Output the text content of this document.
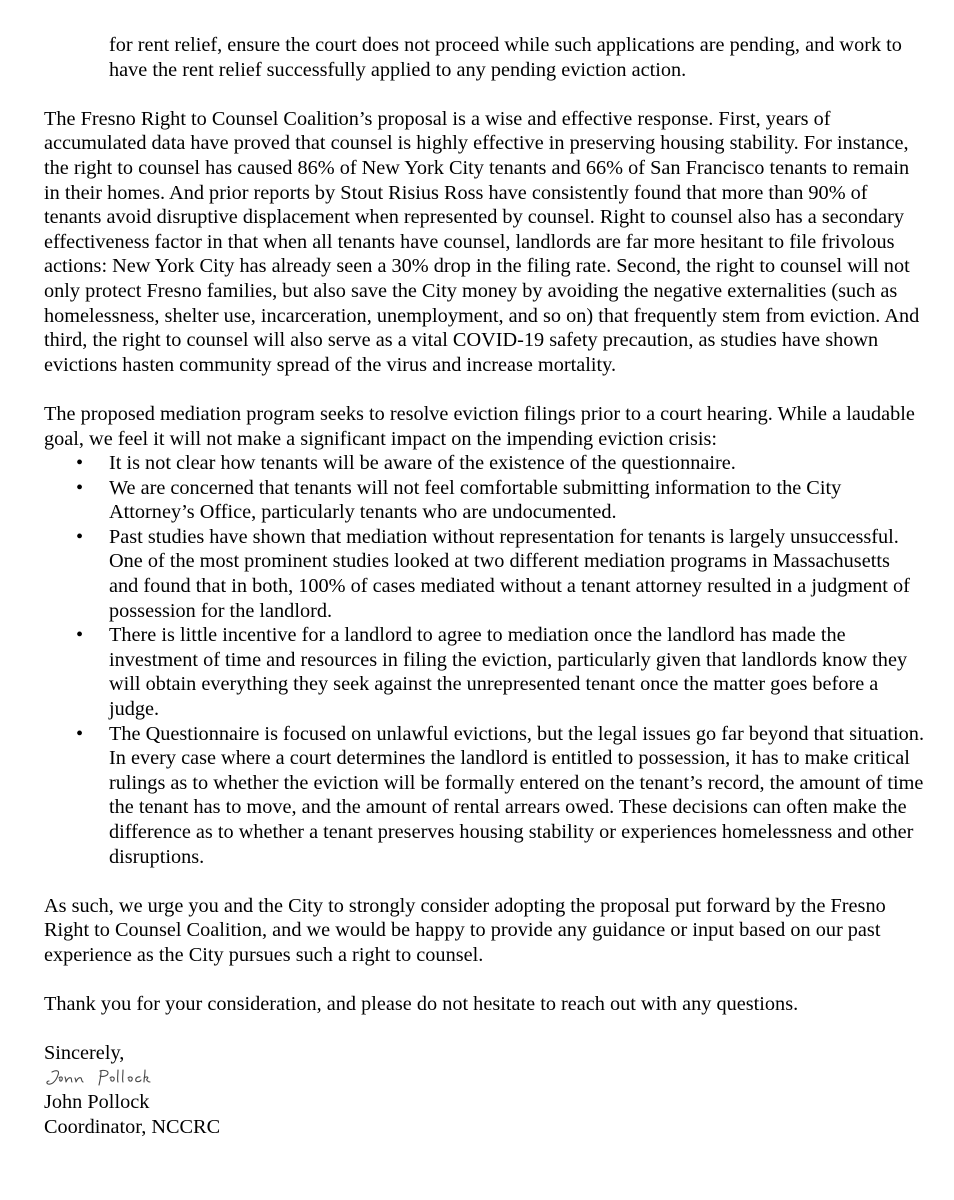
for rent relief, ensure the court does not proceed while such applications are pending, and work to have the rent relief successfully applied to any pending eviction action.

The Fresno Right to Counsel Coalition’s proposal is a wise and effective response. First, years of accumulated data have proved that counsel is highly effective in preserving housing stability. For instance, the right to counsel has caused 86% of New York City tenants and 66% of San Francisco tenants to remain in their homes. And prior reports by Stout Risius Ross have consistently found that more than 90% of tenants avoid disruptive displacement when represented by counsel. Right to counsel also has a secondary effectiveness factor in that when all tenants have counsel, landlords are far more hesitant to file frivolous actions: New York City has already seen a 30% drop in the filing rate. Second, the right to counsel will not only protect Fresno families, but also save the City money by avoiding the negative externalities (such as homelessness, shelter use, incarceration, unemployment, and so on) that frequently stem from eviction. And third, the right to counsel will also serve as a vital COVID-19 safety precaution, as studies have shown evictions hasten community spread of the virus and increase mortality.

The proposed mediation program seeks to resolve eviction filings prior to a court hearing. While a laudable goal, we feel it will not make a significant impact on the impending eviction crisis:

• It is not clear how tenants will be aware of the existence of the questionnaire.
• We are concerned that tenants will not feel comfortable submitting information to the City Attorney’s Office, particularly tenants who are undocumented.
• Past studies have shown that mediation without representation for tenants is largely unsuccessful. One of the most prominent studies looked at two different mediation programs in Massachusetts and found that in both, 100% of cases mediated without a tenant attorney resulted in a judgment of possession for the landlord.
• There is little incentive for a landlord to agree to mediation once the landlord has made the investment of time and resources in filing the eviction, particularly given that landlords know they will obtain everything they seek against the unrepresented tenant once the matter goes before a judge.
• The Questionnaire is focused on unlawful evictions, but the legal issues go far beyond that situation. In every case where a court determines the landlord is entitled to possession, it has to make critical rulings as to whether the eviction will be formally entered on the tenant’s record, the amount of time the tenant has to move, and the amount of rental arrears owed. These decisions can often make the difference as to whether a tenant preserves housing stability or experiences homelessness and other disruptions.

As such, we urge you and the City to strongly consider adopting the proposal put forward by the Fresno Right to Counsel Coalition, and we would be happy to provide any guidance or input based on our past experience as the City pursues such a right to counsel.

Thank you for your consideration, and please do not hesitate to reach out with any questions.

Sincerely,

John Pollock

Coordinator, NCCRC
